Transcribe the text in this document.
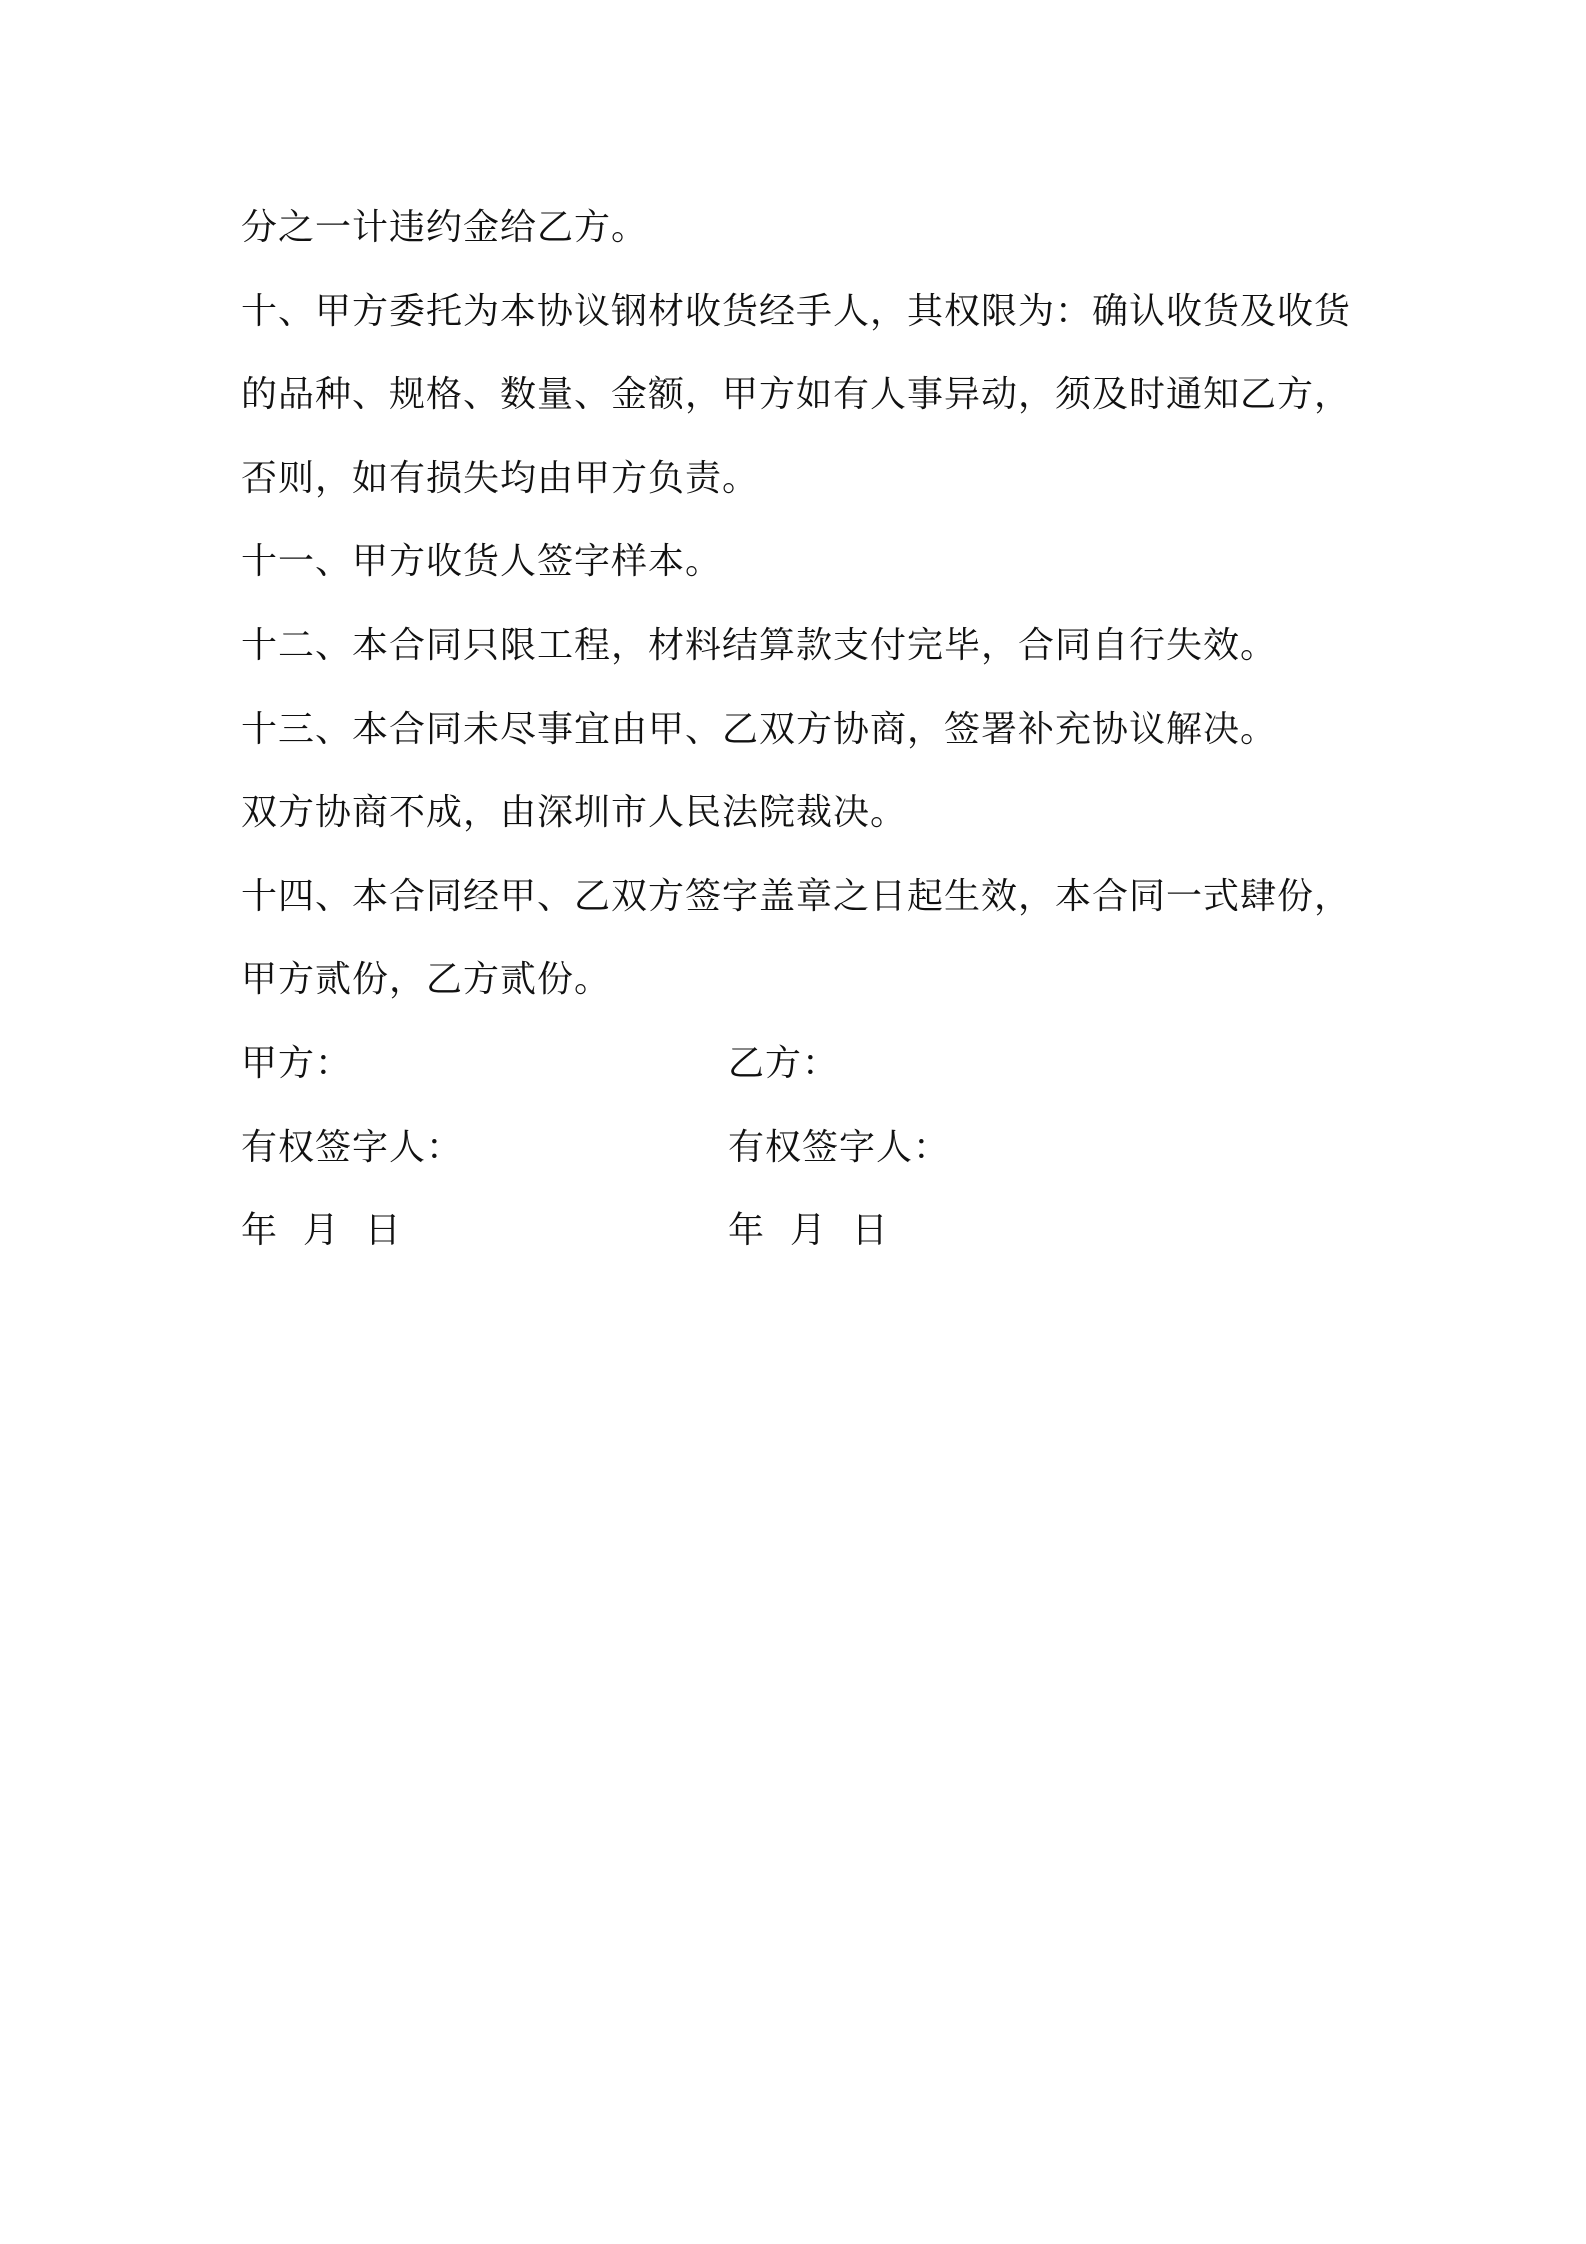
分之一计违约金给乙方。
十、甲方委托为本协议钢材收货经手人，其权限为：确认收货及收货
的品种、规格、数量、金额，甲方如有人事异动，须及时通知乙方，
否则，如有损失均由甲方负责。
十一、甲方收货人签字样本。
十二、本合同只限工程，材料结算款支付完毕，合同自行失效。
十三、本合同未尽事宜由甲、乙双方协商，签署补充协议解决。
双方协商不成，由深圳市人民法院裁决。
十四、本合同经甲、乙双方签字盖章之日起生效，本合同一式肆份，
甲方贰份，乙方贰份。
甲方：	乙方：
有权签字人：	有权签字人：
年  月  日	年  月  日
